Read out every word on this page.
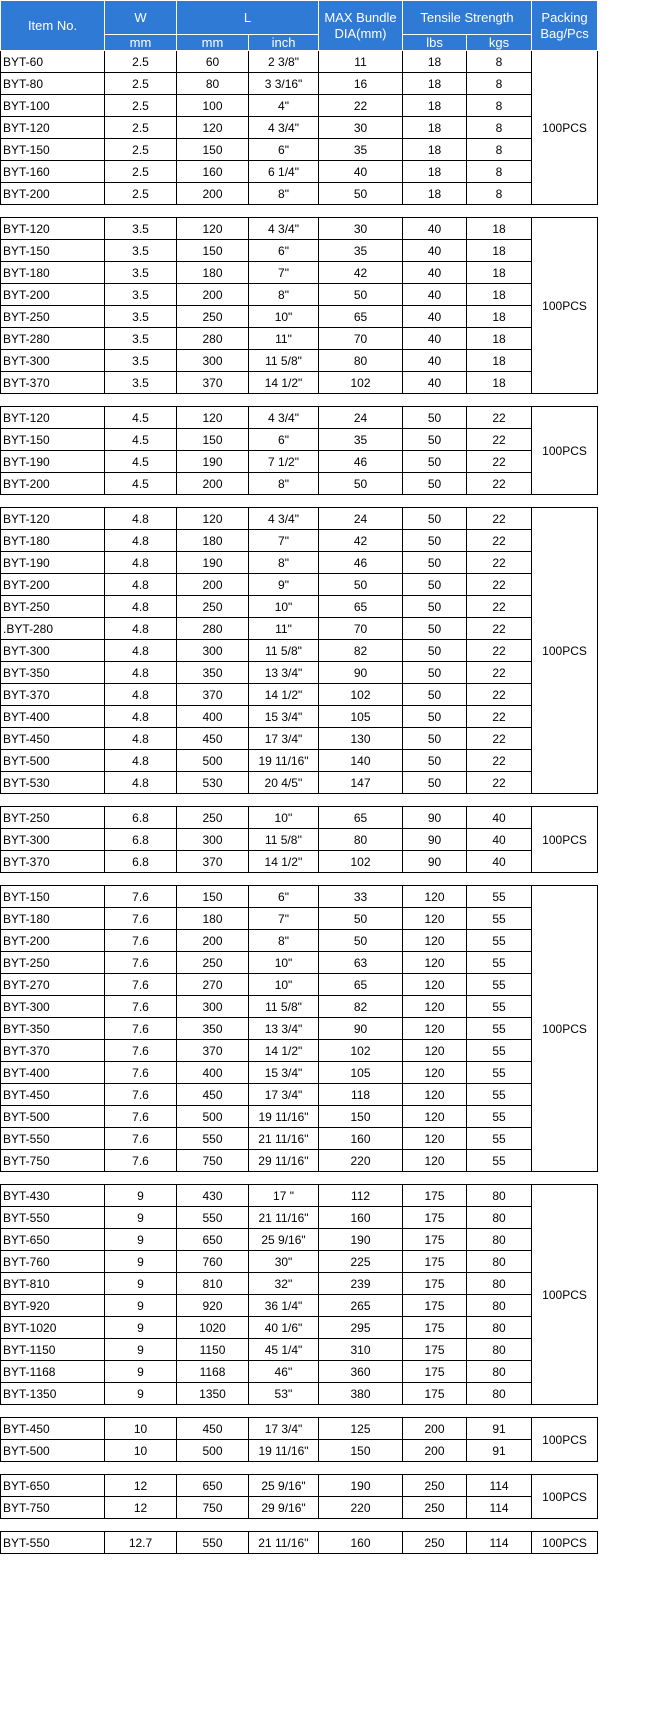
Item No.	W	L		MAX Bundle DIA(mm)	Tensile Strength		Packing Bag/Pcs
	mm	mm	inch		lbs	kgs	
BYT-60	2.5	60	2 3/8"	11	18	8	100PCS
BYT-80	2.5	80	3 3/16"	16	18	8	
BYT-100	2.5	100	4"	22	18	8	
BYT-120	2.5	120	4 3/4"	30	18	8	
BYT-150	2.5	150	6"	35	18	8	
BYT-160	2.5	160	6 1/4"	40	18	8	
BYT-200	2.5	200	8"	50	18	8	

BYT-120	3.5	120	4 3/4"	30	40	18	100PCS
BYT-150	3.5	150	6"	35	40	18	
BYT-180	3.5	180	7"	42	40	18	
BYT-200	3.5	200	8"	50	40	18	
BYT-250	3.5	250	10"	65	40	18	
BYT-280	3.5	280	11"	70	40	18	
BYT-300	3.5	300	11 5/8"	80	40	18	
BYT-370	3.5	370	14 1/2"	102	40	18	

BYT-120	4.5	120	4 3/4"	24	50	22	100PCS
BYT-150	4.5	150	6"	35	50	22	
BYT-190	4.5	190	7 1/2"	46	50	22	
BYT-200	4.5	200	8"	50	50	22	

BYT-120	4.8	120	4 3/4"	24	50	22	100PCS
BYT-180	4.8	180	7"	42	50	22	
BYT-190	4.8	190	8"	46	50	22	
BYT-200	4.8	200	9"	50	50	22	
BYT-250	4.8	250	10"	65	50	22	
.BYT-280	4.8	280	11"	70	50	22	
BYT-300	4.8	300	11 5/8"	82	50	22	
BYT-350	4.8	350	13 3/4"	90	50	22	
BYT-370	4.8	370	14 1/2"	102	50	22	
BYT-400	4.8	400	15 3/4"	105	50	22	
BYT-450	4.8	450	17 3/4"	130	50	22	
BYT-500	4.8	500	19 11/16"	140	50	22	
BYT-530	4.8	530	20 4/5''	147	50	22	

BYT-250	6.8	250	10''	65	90	40	100PCS
BYT-300	6.8	300	11 5/8''	80	90	40	
BYT-370	6.8	370	14 1/2''	102	90	40	

BYT-150	7.6	150	6"	33	120	55	100PCS
BYT-180	7.6	180	7"	50	120	55	
BYT-200	7.6	200	8"	50	120	55	
BYT-250	7.6	250	10"	63	120	55	
BYT-270	7.6	270	10"	65	120	55	
BYT-300	7.6	300	11 5/8"	82	120	55	
BYT-350	7.6	350	13 3/4"	90	120	55	
BYT-370	7.6	370	14 1/2"	102	120	55	
BYT-400	7.6	400	15 3/4"	105	120	55	
BYT-450	7.6	450	17 3/4"	118	120	55	
BYT-500	7.6	500	19 11/16"	150	120	55	
BYT-550	7.6	550	21 11/16''	160	120	55	
BYT-750	7.6	750	29 11/16''	220	120	55	

BYT-430	9	430	17 "	112	175	80	100PCS
BYT-550	9	550	21 11/16"	160	175	80	
BYT-650	9	650	25 9/16"	190	175	80	
BYT-760	9	760	30"	225	175	80	
BYT-810	9	810	32''	239	175	80	
BYT-920	9	920	36 1/4"	265	175	80	
BYT-1020	9	1020	40 1/6"	295	175	80	
BYT-1150	9	1150	45 1/4"	310	175	80	
BYT-1168	9	1168	46''	360	175	80	
BYT-1350	9	1350	53''	380	175	80	

BYT-450	10	450	17 3/4"	125	200	91	100PCS
BYT-500	10	500	19 11/16"	150	200	91	

BYT-650	12	650	25 9/16"	190	250	114	100PCS
BYT-750	12	750	29 9/16"	220	250	114	

BYT-550	12.7	550	21 11/16''	160	250	114	100PCS
